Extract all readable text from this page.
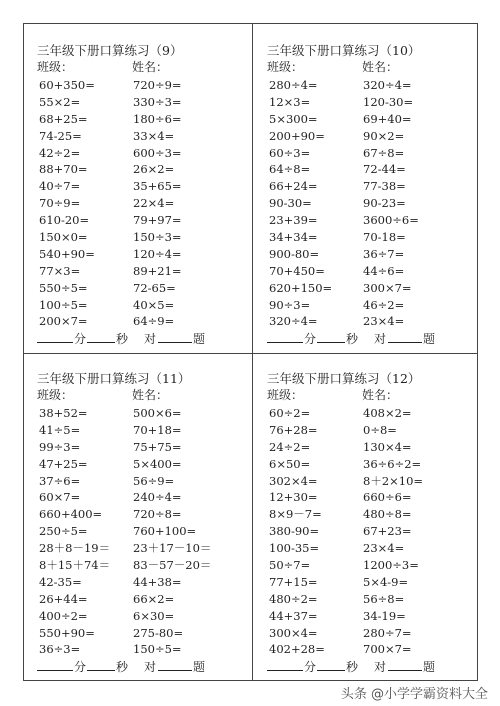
三年级下册口算练习（9）
班级：	姓名：
60+350=	720÷9=
55×2=	330÷3=
68+25=	180÷6=
74-25=	33×4=
42÷2=	600÷3=
88+70=	26×2=
40÷7=	35+65=
70÷9=	22×4=
610-20=	79+97=
150×0=	150÷3=
540+90=	120÷4=
77×3=	89+21=
550÷5=	72-65=
100÷5=	40×5=
200×7=	64÷9=
分 秒 对	题
三年级下册口算练习（10）
班级：	姓名：
280÷4=	320÷4=
12×3=	120-30=
5×300=	69+40=
200+90=	90×2=
60÷3=	67÷8=
64÷8=	72-44=
66+24=	77-38=
90-30=	90-23=
23+39=	3600÷6=
34+34=	70-18=
900-80=	36÷7=
70+450=	44÷6=
620+150=	300×7=
90÷3=	46÷2=
320÷4=	23×4=
分 秒 对	题
三年级下册口算练习（11）
班级：	姓名：
38+52=	500×6=
41÷5=	70+18=
99÷3=	75+75=
47+25=	5×400=
37÷6=	56÷9=
60×7=	240÷4=
660+400=	720÷8=
250÷5=	760+100=
28＋8－19＝ 23＋17－10＝
8＋15＋74＝ 83－57－20＝
42-35=	44+38=
26+44=	66×2=
400÷2=	6×30=
550+90=	275-80=
36÷3=	150÷5=
分 秒 对	题
三年级下册口算练习（12）
班级：	姓名：
60÷2=	408×2=
76+28=	0÷8=
24÷2=	130×4=
6×50=	36÷6÷2=
302×4=	8＋2×10=
12+30=	660÷6=
8×9－7=	480÷8=
380-90=	67+23=
100-35=	23×4=
50÷7=	1200÷3=
77+15=	5×4-9=
480÷2=	56÷8=
44+37=	34-19=
300×4=	280÷7=
402+28=	700×7=
分 秒 对	题
头条 @小学学霸资料大全
